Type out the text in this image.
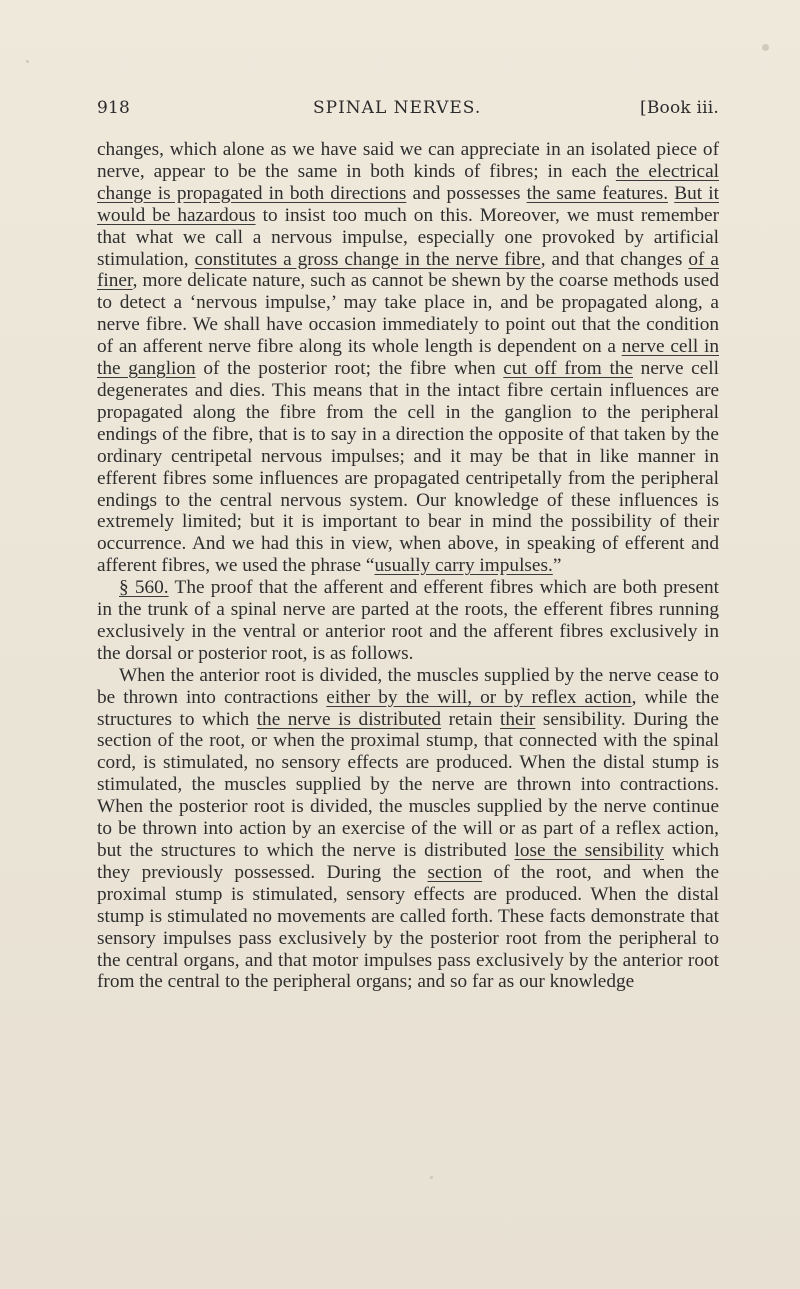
918	SPINAL NERVES.	[Book iii.

changes, which alone as we have said we can appreciate in an isolated piece of nerve, appear to be the same in both kinds of fibres; in each the electrical change is propagated in both directions and possesses the same features. But it would be hazardous to insist too much on this. Moreover, we must remember that what we call a nervous impulse, especially one provoked by artificial stimulation, constitutes a gross change in the nerve fibre, and that changes of a finer, more delicate nature, such as cannot be shewn by the coarse methods used to detect a ‘nervous impulse,’ may take place in, and be propagated along, a nerve fibre. We shall have occasion immediately to point out that the condition of an afferent nerve fibre along its whole length is dependent on a nerve cell in the ganglion of the posterior root; the fibre when cut off from the nerve cell degenerates and dies. This means that in the intact fibre certain influences are propagated along the fibre from the cell in the ganglion to the peripheral endings of the fibre, that is to say in a direction the opposite of that taken by the ordinary centripetal nervous impulses; and it may be that in like manner in efferent fibres some influences are propagated centripetally from the peripheral endings to the central nervous system. Our knowledge of these influences is extremely limited; but it is important to bear in mind the possibility of their occurrence. And we had this in view, when above, in speaking of efferent and afferent fibres, we used the phrase “usually carry impulses.”

§ 560. The proof that the afferent and efferent fibres which are both present in the trunk of a spinal nerve are parted at the roots, the efferent fibres running exclusively in the ventral or anterior root and the afferent fibres exclusively in the dorsal or posterior root, is as follows.

When the anterior root is divided, the muscles supplied by the nerve cease to be thrown into contractions either by the will, or by reflex action, while the structures to which the nerve is distributed retain their sensibility. During the section of the root, or when the proximal stump, that connected with the spinal cord, is stimulated, no sensory effects are produced. When the distal stump is stimulated, the muscles supplied by the nerve are thrown into contractions. When the posterior root is divided, the muscles supplied by the nerve continue to be thrown into action by an exercise of the will or as part of a reflex action, but the structures to which the nerve is distributed lose the sensibility which they previously possessed. During the section of the root, and when the proximal stump is stimulated, sensory effects are produced. When the distal stump is stimulated no movements are called forth. These facts demonstrate that sensory impulses pass exclusively by the posterior root from the peripheral to the central organs, and that motor impulses pass exclusively by the anterior root from the central to the peripheral organs; and so far as our knowledge
